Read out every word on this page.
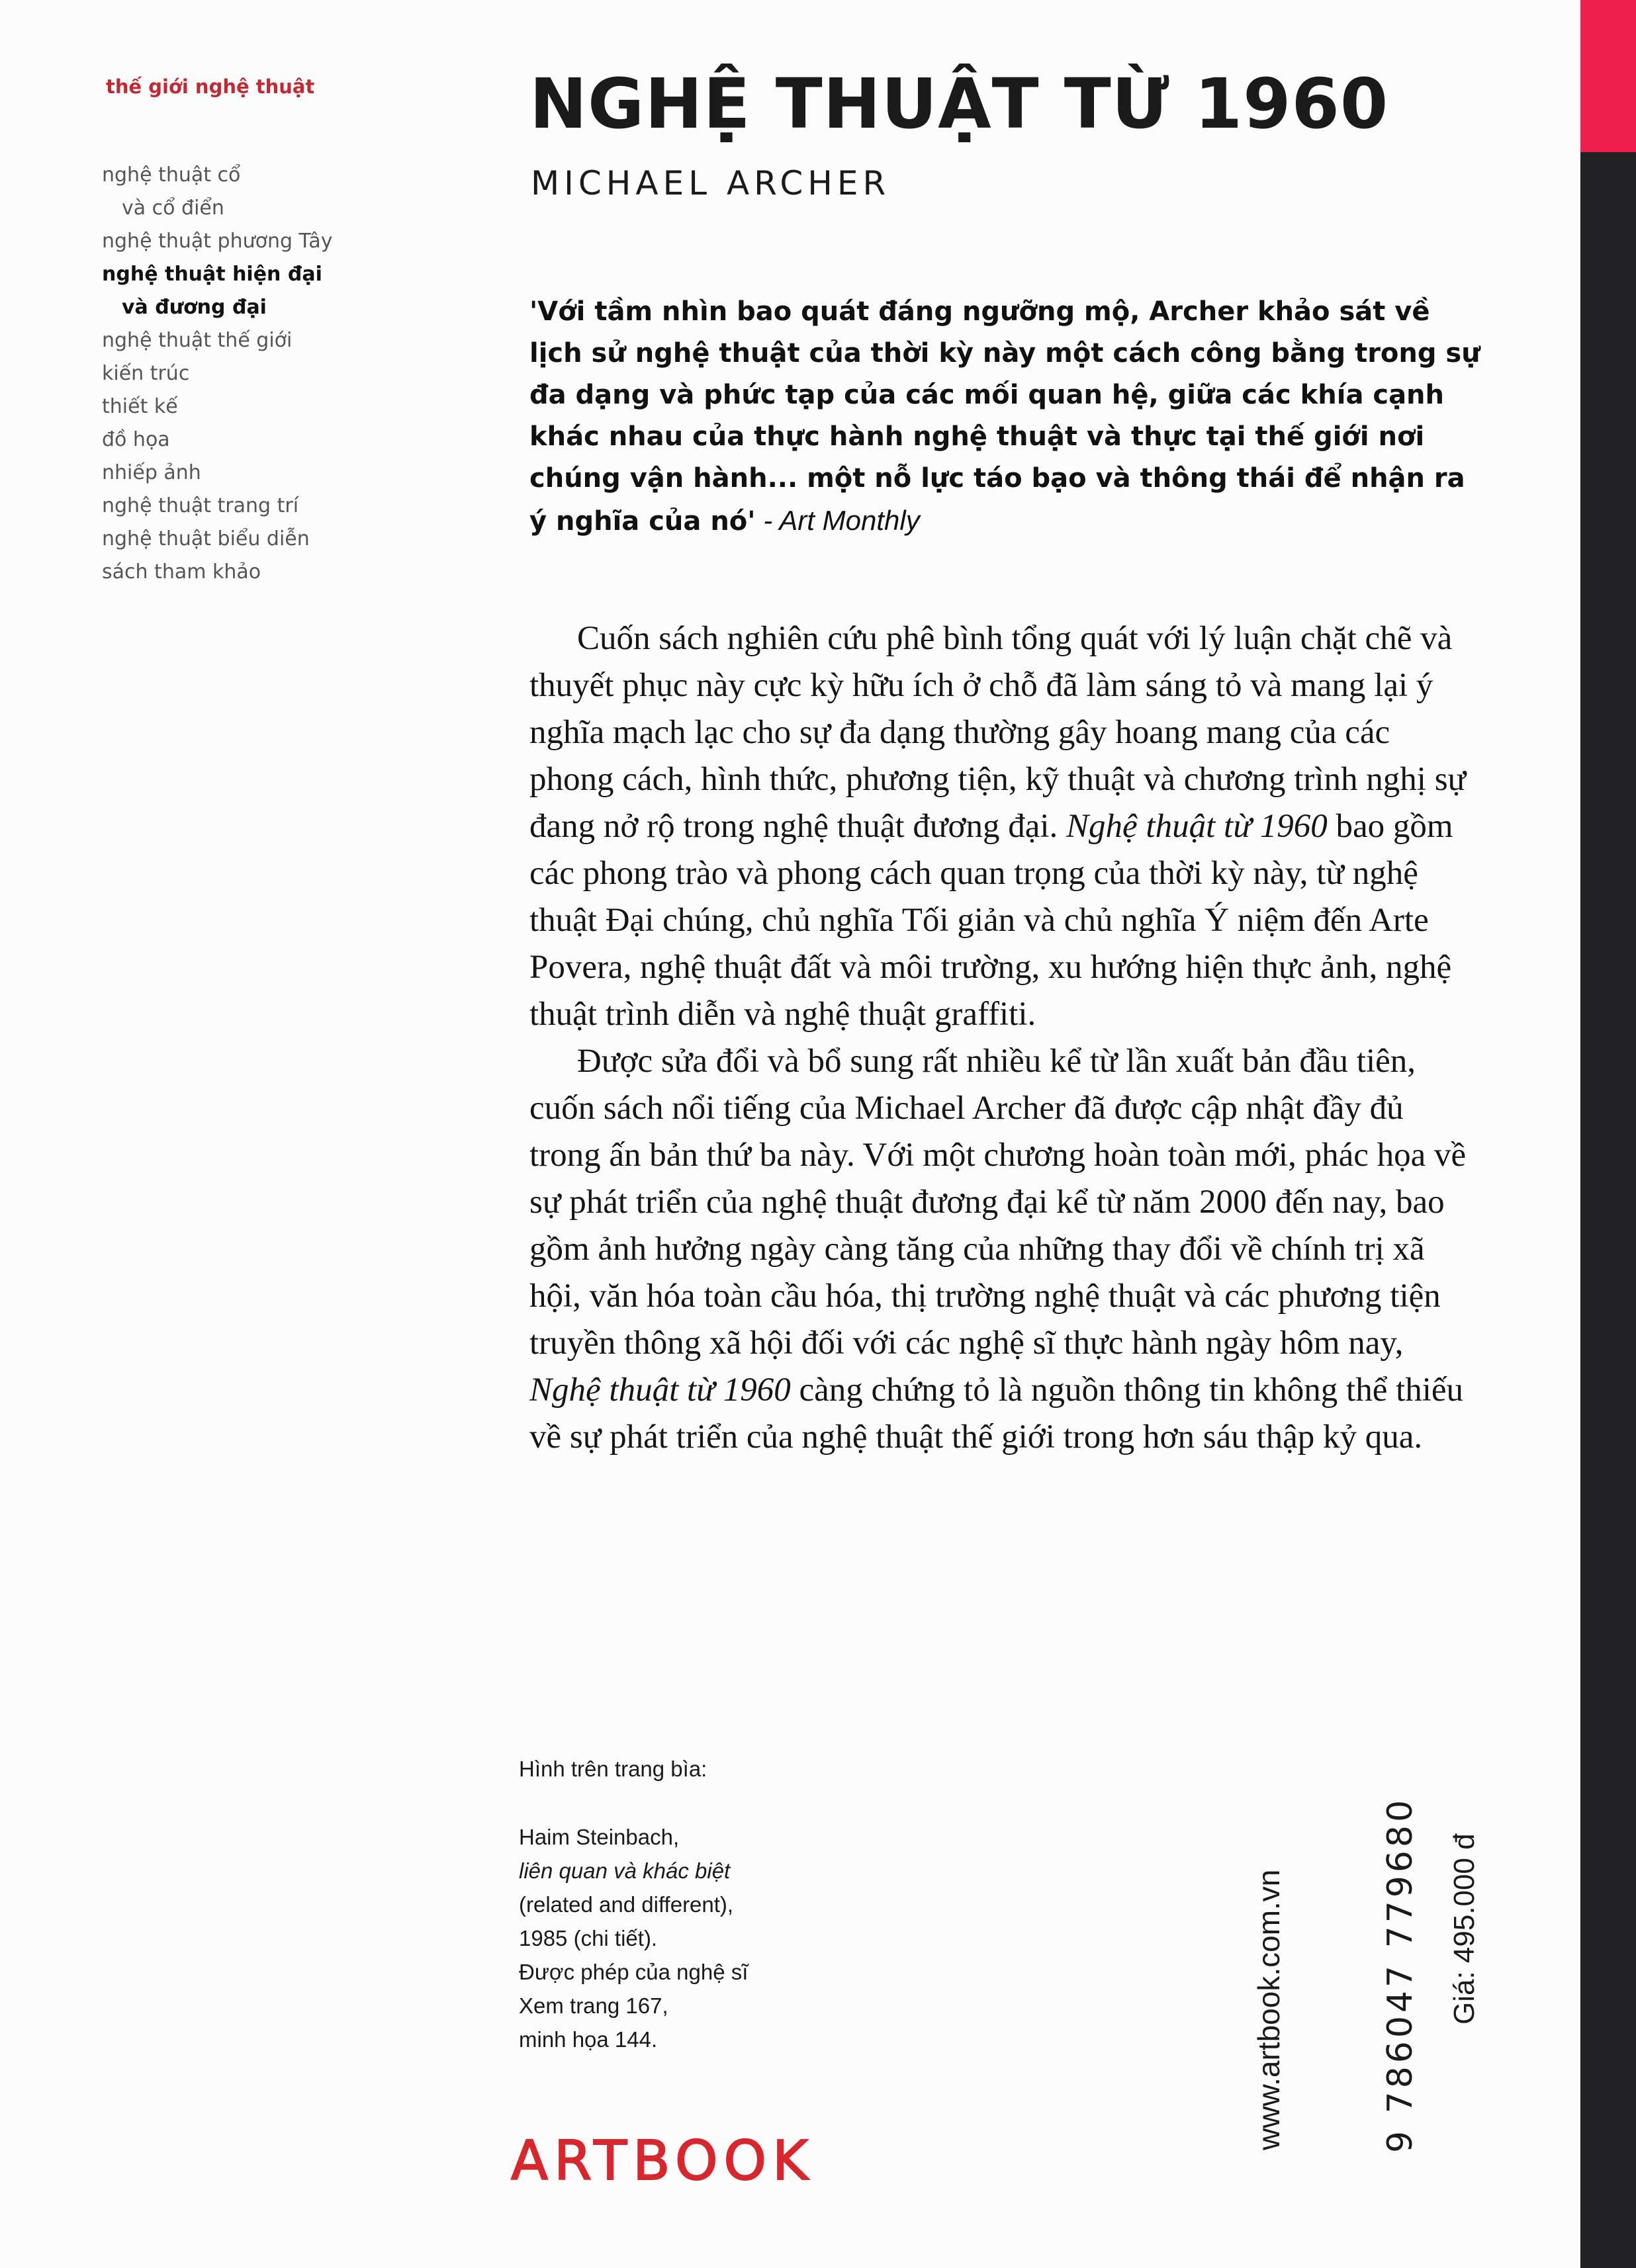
thế giới nghệ thuật
nghệ thuật cổ
và cổ điển
nghệ thuật phương Tây
nghệ thuật hiện đại
và đương đại
nghệ thuật thế giới
kiến trúc
thiết kế
đồ họa
nhiếp ảnh
nghệ thuật trang trí
nghệ thuật biểu diễn
sách tham khảo
NGHỆ THUẬT TỪ 1960
MICHAEL ARCHER
'Với tầm nhìn bao quát đáng ngưỡng mộ, Archer khảo sát về lịch sử nghệ thuật của thời kỳ này một cách công bằng trong sự đa dạng và phức tạp của các mối quan hệ, giữa các khía cạnh khác nhau của thực hành nghệ thuật và thực tại thế giới nơi chúng vận hành... một nỗ lực táo bạo và thông thái để nhận ra ý nghĩa của nó' - Art Monthly

Cuốn sách nghiên cứu phê bình tổng quát với lý luận chặt chẽ và thuyết phục này cực kỳ hữu ích ở chỗ đã làm sáng tỏ và mang lại ý nghĩa mạch lạc cho sự đa dạng thường gây hoang mang của các phong cách, hình thức, phương tiện, kỹ thuật và chương trình nghị sự đang nở rộ trong nghệ thuật đương đại. Nghệ thuật từ 1960 bao gồm các phong trào và phong cách quan trọng của thời kỳ này, từ nghệ thuật Đại chúng, chủ nghĩa Tối giản và chủ nghĩa Ý niệm đến Arte Povera, nghệ thuật đất và môi trường, xu hướng hiện thực ảnh, nghệ thuật trình diễn và nghệ thuật graffiti.

Được sửa đổi và bổ sung rất nhiều kể từ lần xuất bản đầu tiên, cuốn sách nổi tiếng của Michael Archer đã được cập nhật đầy đủ trong ấn bản thứ ba này. Với một chương hoàn toàn mới, phác họa về sự phát triển của nghệ thuật đương đại kể từ năm 2000 đến nay, bao gồm ảnh hưởng ngày càng tăng của những thay đổi về chính trị xã hội, văn hóa toàn cầu hóa, thị trường nghệ thuật và các phương tiện truyền thông xã hội đối với các nghệ sĩ thực hành ngày hôm nay, Nghệ thuật từ 1960 càng chứng tỏ là nguồn thông tin không thể thiếu về sự phát triển của nghệ thuật thế giới trong hơn sáu thập kỷ qua.

Hình trên trang bìa:
Haim Steinbach,
liên quan và khác biệt
(related and different),
1985 (chi tiết).
Được phép của nghệ sĩ
Xem trang 167,
minh họa 144.
ARTBOOK
www.artbook.com.vn	9 786047 779680 Giá: 495.000 đ
